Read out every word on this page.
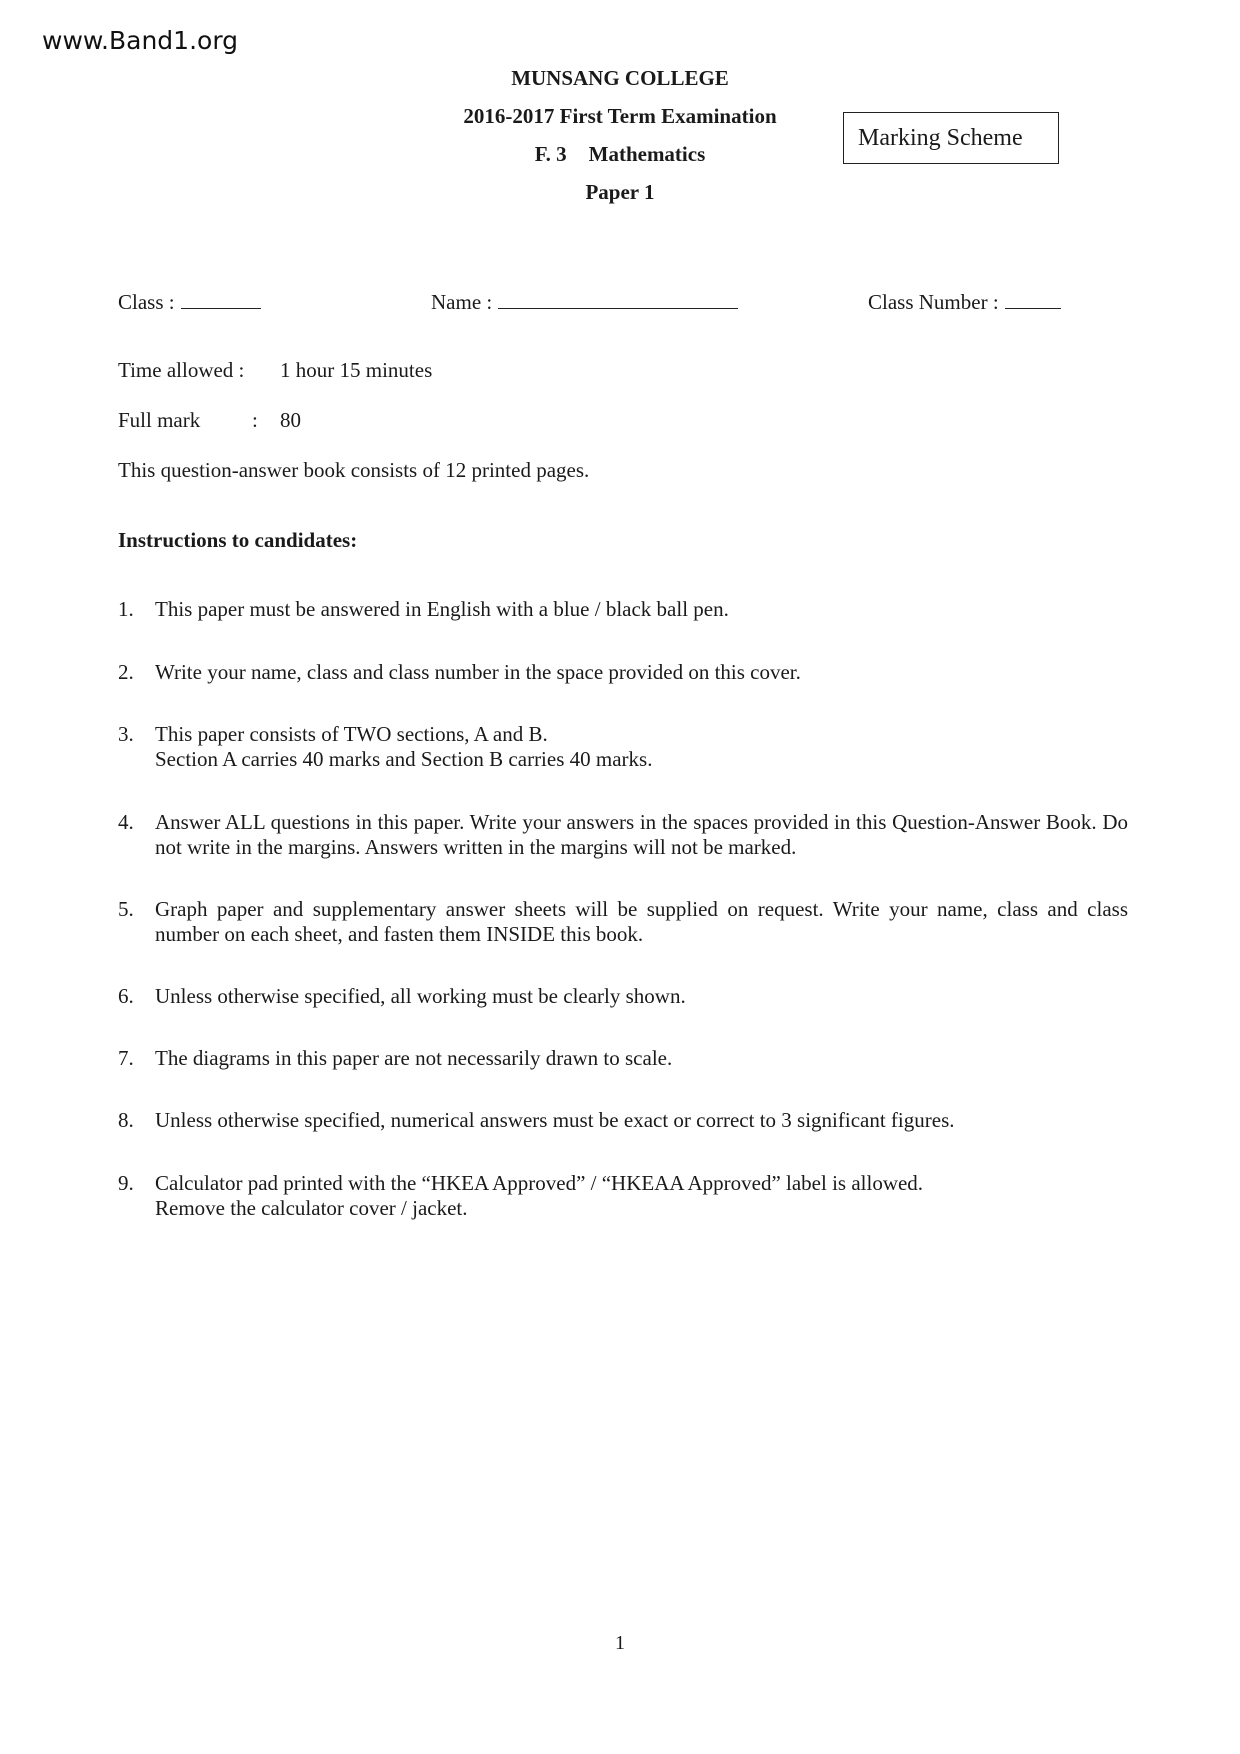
www.Band1.org
MUNSANG COLLEGE
2016-2017 First Term Examination
F. 3 Mathematics
Paper 1
Marking Scheme
Class :	Name :	Class Number :
Time allowed : 1 hour 15 minutes
Full mark : 80
This question-answer book consists of 12 printed pages.
Instructions to candidates:
1. This paper must be answered in English with a blue / black ball pen.
2. Write your name, class and class number in the space provided on this cover.
3. This paper consists of TWO sections, A and B.
Section A carries 40 marks and Section B carries 40 marks.
4. Answer ALL questions in this paper. Write your answers in the spaces provided in this Question-Answer Book. Do not write in the margins. Answers written in the margins will not be marked.
5. Graph paper and supplementary answer sheets will be supplied on request. Write your name, class and class number on each sheet, and fasten them INSIDE this book.
6. Unless otherwise specified, all working must be clearly shown.
7. The diagrams in this paper are not necessarily drawn to scale.
8. Unless otherwise specified, numerical answers must be exact or correct to 3 significant figures.
9. Calculator pad printed with the “HKEA Approved” / “HKEAA Approved” label is allowed.
Remove the calculator cover / jacket.
1
